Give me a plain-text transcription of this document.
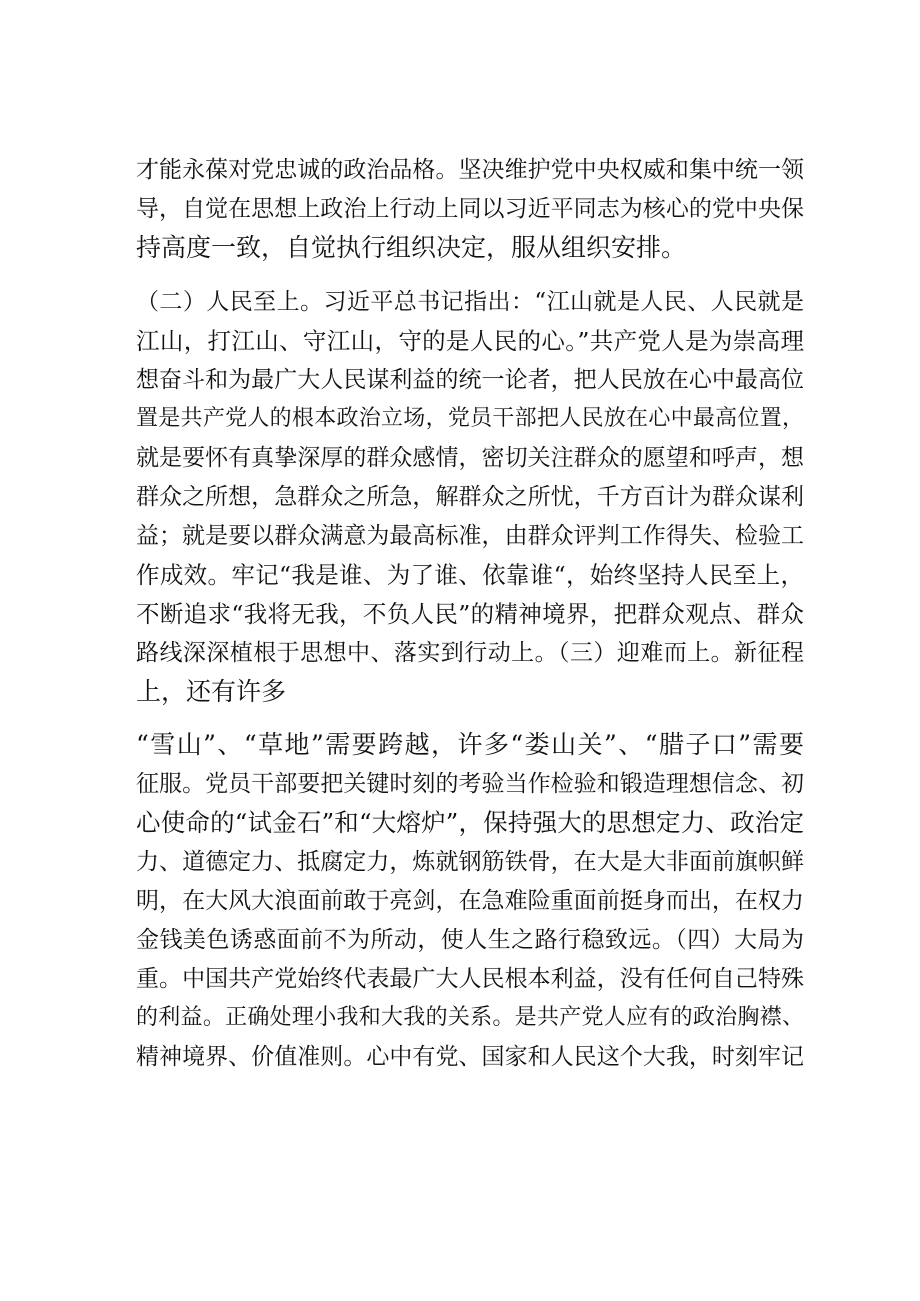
才能永葆对党忠诚的政治品格。坚决维护党中央权威和集中统一领
导，自觉在思想上政治上行动上同以习近平同志为核心的党中央保
持高度一致，自觉执行组织决定，服从组织安排。
（二）人民至上。习近平总书记指出：“江山就是人民、人民就是
江山，打江山、守江山，守的是人民的心。”共产党人是为崇高理
想奋斗和为最广大人民谋利益的统一论者，把人民放在心中最高位
置是共产党人的根本政治立场，党员干部把人民放在心中最高位置，
就是要怀有真挚深厚的群众感情，密切关注群众的愿望和呼声，想
群众之所想，急群众之所急，解群众之所忧，千方百计为群众谋利
益；就是要以群众满意为最高标准，由群众评判工作得失、检验工
作成效。牢记“我是谁、为了谁、依靠谁“，始终坚持人民至上，
不断追求“我将无我，不负人民”的精神境界，把群众观点、群众
路线深深植根于思想中、落实到行动上。（三）迎难而上。新征程
上，还有许多
“雪山”、“草地”需要跨越，许多“娄山关”、“腊子口”需要
征服。党员干部要把关键时刻的考验当作检验和锻造理想信念、初
心使命的“试金石”和“大熔炉”，保持强大的思想定力、政治定
力、道德定力、抵腐定力，炼就钢筋铁骨，在大是大非面前旗帜鲜
明，在大风大浪面前敢于亮剑，在急难险重面前挺身而出，在权力
金钱美色诱惑面前不为所动，使人生之路行稳致远。（四）大局为
重。中国共产党始终代表最广大人民根本利益，没有任何自己特殊
的利益。正确处理小我和大我的关系。是共产党人应有的政治胸襟、
精神境界、价值准则。心中有党、国家和人民这个大我，时刻牢记
